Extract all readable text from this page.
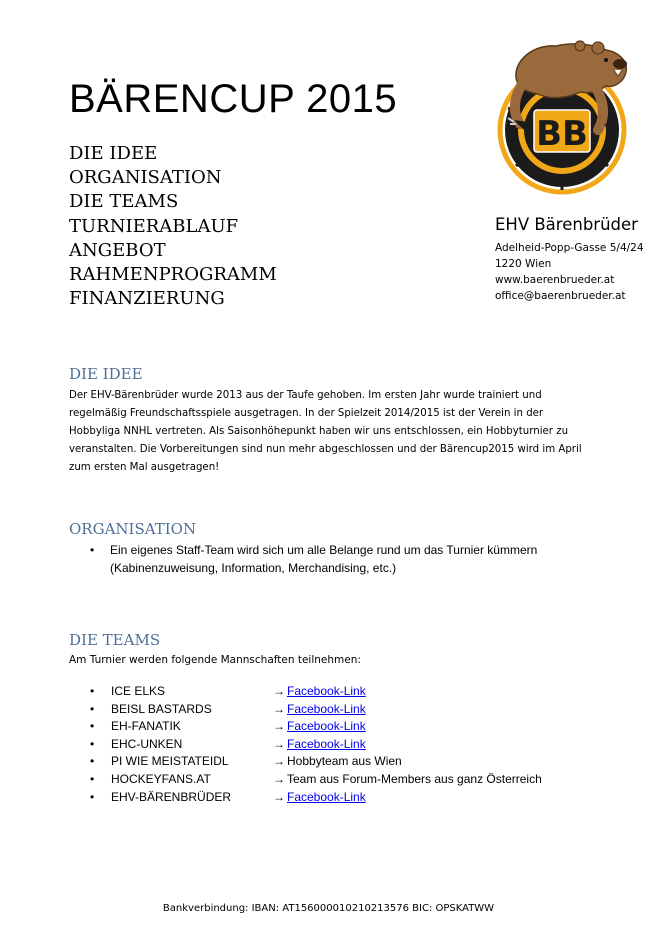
BÄRENCUP 2015
DIE IDEE
ORGANISATION
DIE TEAMS
TURNIERABLAUF
ANGEBOT
RAHMENPROGRAMM
FINANZIERUNG
BB
EHV Bärenbrüder
Adelheid-Popp-Gasse 5/4/24
1220 Wien
www.baerenbrueder.at
office@baerenbrueder.at
DIE IDEE
Der EHV-Bärenbrüder wurde 2013 aus der Taufe gehoben. Im ersten Jahr wurde trainiert und
regelmäßig Freundschaftsspiele ausgetragen. In der Spielzeit 2014/2015 ist der Verein in der
Hobbyliga NNHL vertreten. Als Saisonhöhepunkt haben wir uns entschlossen, ein Hobbyturnier zu
veranstalten. Die Vorbereitungen sind nun mehr abgeschlossen und der Bärencup2015 wird im April
zum ersten Mal ausgetragen!
ORGANISATION
• Ein eigenes Staff-Team wird sich um alle Belange rund um das Turnier kümmern
(Kabinenzuweisung, Information, Merchandising, etc.)
DIE TEAMS
Am Turnier werden folgende Mannschaften teilnehmen:
• ICE ELKS	→ Facebook-Link
• BEISL BASTARDS	→ Facebook-Link
• EH-FANATIK	→ Facebook-Link
• EHC-UNKEN	→ Facebook-Link
• PI WIE MEISTATEIDL	→ Hobbyteam aus Wien
• HOCKEYFANS.AT	→ Team aus Forum-Members aus ganz Österreich
• EHV-BÄRENBRÜDER	→ Facebook-Link
Bankverbindung: IBAN: AT156000010210213576 BIC: OPSKATWW
